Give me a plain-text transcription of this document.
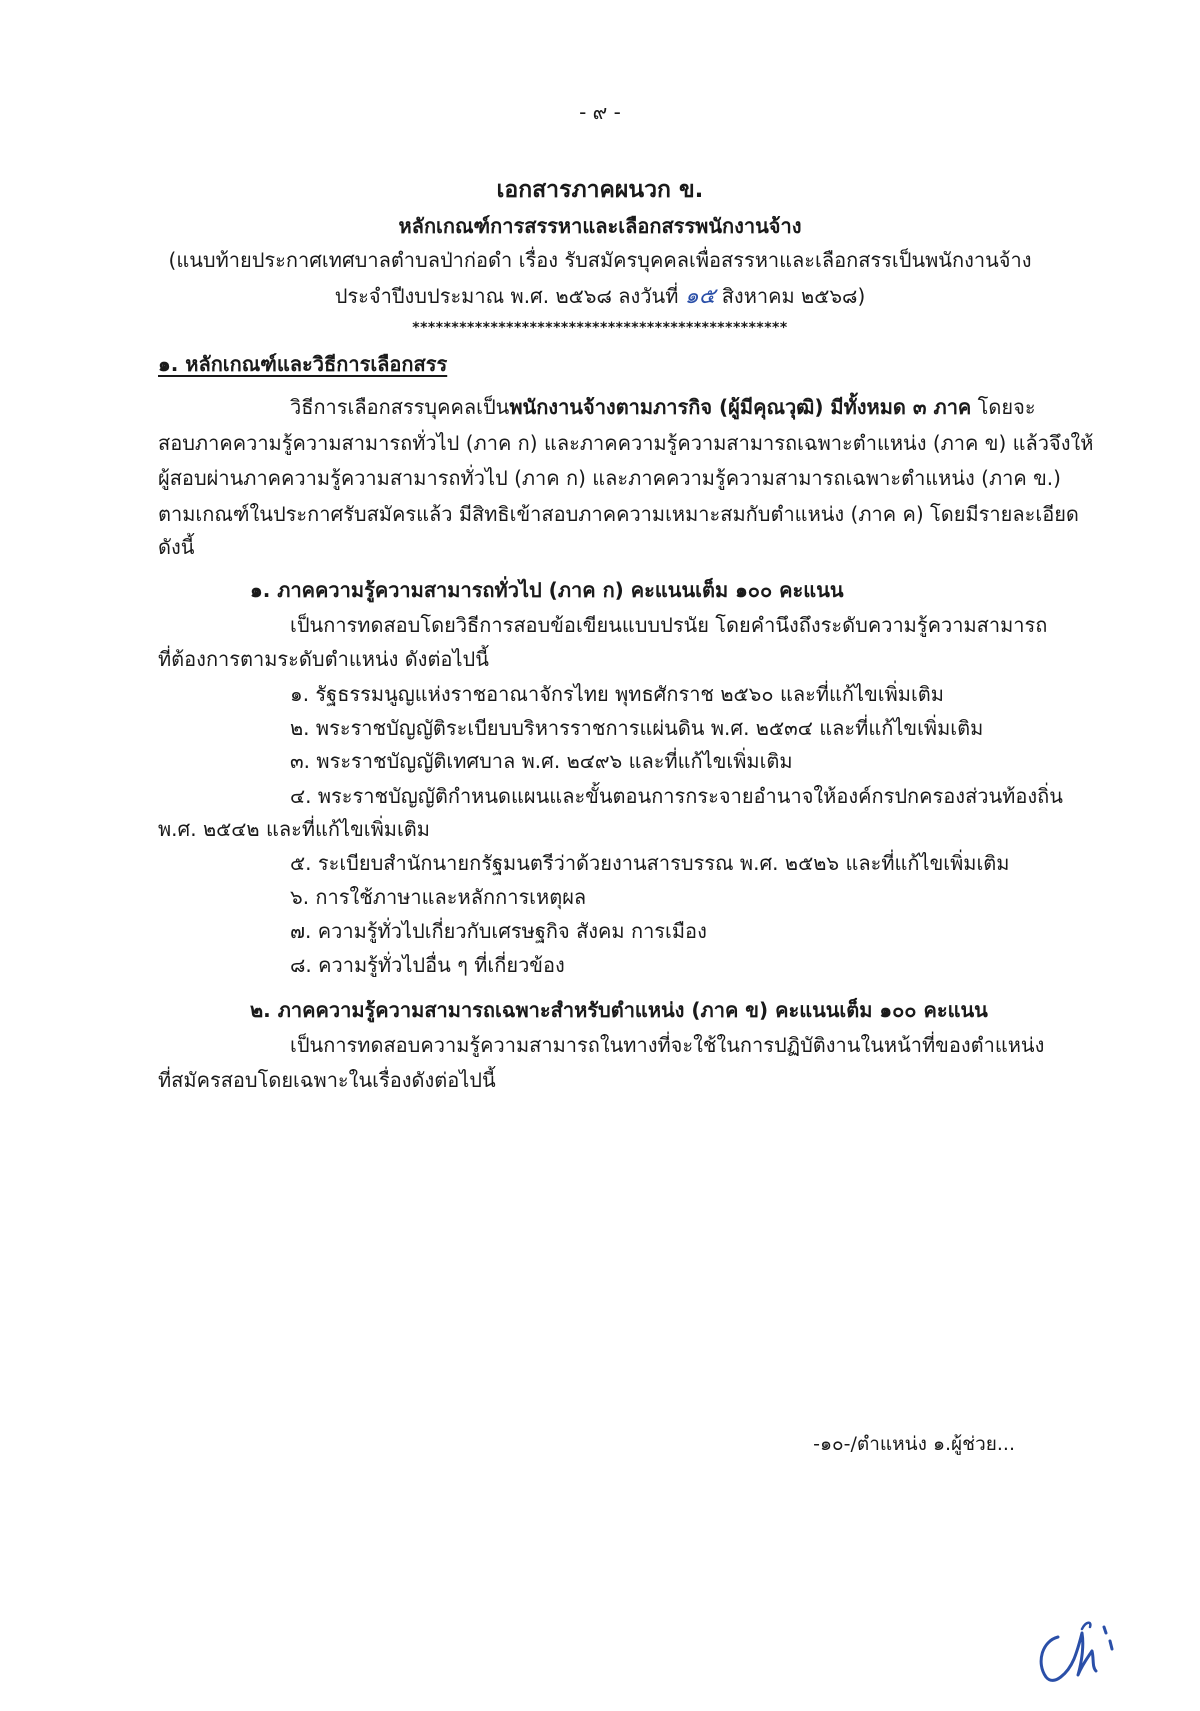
- ๙ -
เอกสารภาคผนวก ข.
หลักเกณฑ์การสรรหาและเลือกสรรพนักงานจ้าง
(แนบท้ายประกาศเทศบาลตำบลป่าก่อดำ เรื่อง รับสมัครบุคคลเพื่อสรรหาและเลือกสรรเป็นพนักงานจ้าง
ประจำปีงบประมาณ พ.ศ. ๒๕๖๘ ลงวันที่ ๑๕ สิงหาคม ๒๕๖๘)
************************************************
๑. หลักเกณฑ์และวิธีการเลือกสรร
วิธีการเลือกสรรบุคคลเป็นพนักงานจ้างตามภารกิจ (ผู้มีคุณวุฒิ) มีทั้งหมด ๓ ภาค โดยจะ
สอบภาคความรู้ความสามารถทั่วไป (ภาค ก) และภาคความรู้ความสามารถเฉพาะตำแหน่ง (ภาค ข) แล้วจึงให้
ผู้สอบผ่านภาคความรู้ความสามารถทั่วไป (ภาค ก) และภาคความรู้ความสามารถเฉพาะตำแหน่ง (ภาค ข.)
ตามเกณฑ์ในประกาศรับสมัครแล้ว มีสิทธิเข้าสอบภาคความเหมาะสมกับตำแหน่ง (ภาค ค) โดยมีรายละเอียด
ดังนี้
๑. ภาคความรู้ความสามารถทั่วไป (ภาค ก) คะแนนเต็ม ๑๐๐ คะแนน
เป็นการทดสอบโดยวิธีการสอบข้อเขียนแบบปรนัย โดยคำนึงถึงระดับความรู้ความสามารถ
ที่ต้องการตามระดับตำแหน่ง ดังต่อไปนี้
๑. รัฐธรรมนูญแห่งราชอาณาจักรไทย พุทธศักราช ๒๕๖๐ และที่แก้ไขเพิ่มเติม
๒. พระราชบัญญัติระเบียบบริหารราชการแผ่นดิน พ.ศ. ๒๕๓๔ และที่แก้ไขเพิ่มเติม
๓. พระราชบัญญัติเทศบาล พ.ศ. ๒๔๙๖ และที่แก้ไขเพิ่มเติม
๔. พระราชบัญญัติกำหนดแผนและขั้นตอนการกระจายอำนาจให้องค์กรปกครองส่วนท้องถิ่น
พ.ศ. ๒๕๔๒ และที่แก้ไขเพิ่มเติม
๕. ระเบียบสำนักนายกรัฐมนตรีว่าด้วยงานสารบรรณ พ.ศ. ๒๕๒๖ และที่แก้ไขเพิ่มเติม
๖. การใช้ภาษาและหลักการเหตุผล
๗. ความรู้ทั่วไปเกี่ยวกับเศรษฐกิจ สังคม การเมือง
๘. ความรู้ทั่วไปอื่น ๆ ที่เกี่ยวข้อง
๒. ภาคความรู้ความสามารถเฉพาะสำหรับตำแหน่ง (ภาค ข) คะแนนเต็ม ๑๐๐ คะแนน
เป็นการทดสอบความรู้ความสามารถในทางที่จะใช้ในการปฏิบัติงานในหน้าที่ของตำแหน่ง
ที่สมัครสอบโดยเฉพาะในเรื่องดังต่อไปนี้
-๑๐-/ตำแหน่ง ๑.ผู้ช่วย...
